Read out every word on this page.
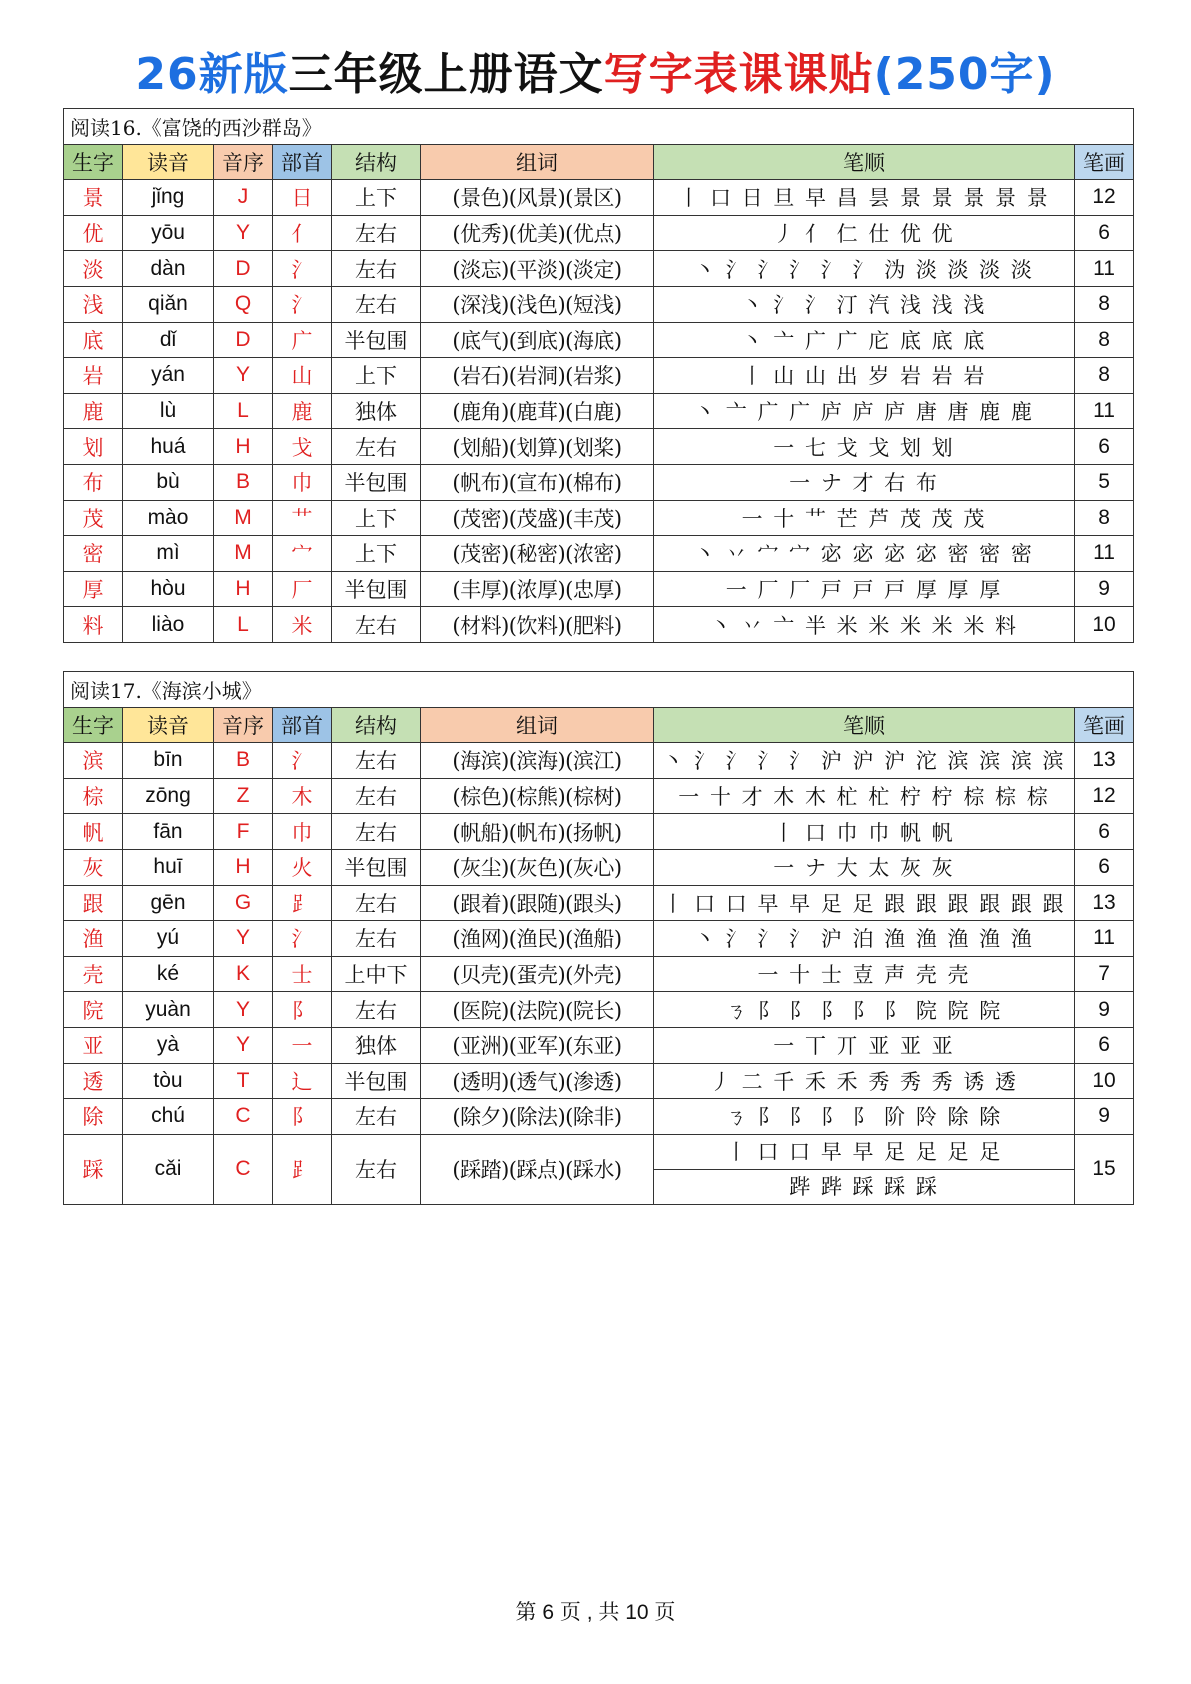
26新版三年级上册语文写字表课课贴(250字)
阅读16.《富饶的西沙群岛》							
生字	读音	音序	部首	结构	组词	笔顺	笔画
景	jǐng	J	日	上下	(景色)(风景)(景区)	丨 口 日 旦 早 昌 昙 景 景 景 景 景	12
优	yōu	Y	亻	左右	(优秀)(优美)(优点)	丿 亻 仁 仕 优 优	6
淡	dàn	D	氵	左右	(淡忘)(平淡)(淡定)	丶 氵 氵 氵 氵 氵 沩 淡 淡 淡 淡	11
浅	qiǎn	Q	氵	左右	(深浅)(浅色)(短浅)	丶 氵 氵 汀 汽 浅 浅 浅	8
底	dǐ	D	广	半包围	(底气)(到底)(海底)	丶 亠 广 广 庀 底 底 底	8
岩	yán	Y	山	上下	(岩石)(岩洞)(岩浆)	丨 山 山 出 岁 岩 岩 岩	8
鹿	lù	L	鹿	独体	(鹿角)(鹿茸)(白鹿)	丶 亠 广 广 庐 庐 庐 唐 唐 鹿 鹿	11
划	huá	H	戈	左右	(划船)(划算)(划桨)	一 七 戈 戈 划 划	6
布	bù	B	巾	半包围	(帆布)(宣布)(棉布)	一 ナ 才 右 布	5
茂	mào	M	艹	上下	(茂密)(茂盛)(丰茂)	一 十 艹 芒 芦 茂 茂 茂	8
密	mì	M	宀	上下	(茂密)(秘密)(浓密)	丶 丷 宀 宀 宓 宓 宓 宓 密 密 密	11
厚	hòu	H	厂	半包围	(丰厚)(浓厚)(忠厚)	一 厂 厂 戸 戸 戸 厚 厚 厚	9
料	liào	L	米	左右	(材料)(饮料)(肥料)	丶 丷 亠 半 米 米 米 米 米 料	10
阅读17.《海滨小城》							
生字	读音	音序	部首	结构	组词	笔顺	笔画
滨	bīn	B	氵	左右	(海滨)(滨海)(滨江)	丶 氵 氵 氵 氵 沪 沪 沪 沱 滨 滨 滨 滨	13
棕	zōng	Z	木	左右	(棕色)(棕熊)(棕树)	一 十 才 木 木 杧 杧 柠 柠 棕 棕 棕	12
帆	fān	F	巾	左右	(帆船)(帆布)(扬帆)	丨 口 巾 巾 帆 帆	6
灰	huī	H	火	半包围	(灰尘)(灰色)(灰心)	一 ナ 大 太 灰 灰	6
跟	gēn	G	⻊	左右	(跟着)(跟随)(跟头)	丨 口 口 早 早 足 足 跟 跟 跟 跟 跟 跟	13
渔	yú	Y	氵	左右	(渔网)(渔民)(渔船)	丶 氵 氵 氵 沪 泊 渔 渔 渔 渔 渔	11
壳	ké	K	士	上中下	(贝壳)(蛋壳)(外壳)	一 十 士 壴 声 壳 壳	7
院	yuàn	Y	阝	左右	(医院)(法院)(院长)	ㄋ 阝 阝 阝 阝 阝 院 院 院	9
亚	yà	Y	一	独体	(亚洲)(亚军)(东亚)	一 丅 丌 亚 亚 亚	6
透	tòu	T	辶	半包围	(透明)(透气)(渗透)	丿 二 千 禾 禾 秀 秀 秀 诱 透	10
除	chú	C	阝	左右	(除夕)(除法)(除非)	ㄋ 阝 阝 阝 阝 阶 阾 除 除	9
踩	cǎi	C	⻊	左右	(踩踏)(踩点)(踩水)	丨 口 口 早 早 足 足 足 足
跸 跸 踩 踩 踩	15
第 6 页 , 共 10 页
